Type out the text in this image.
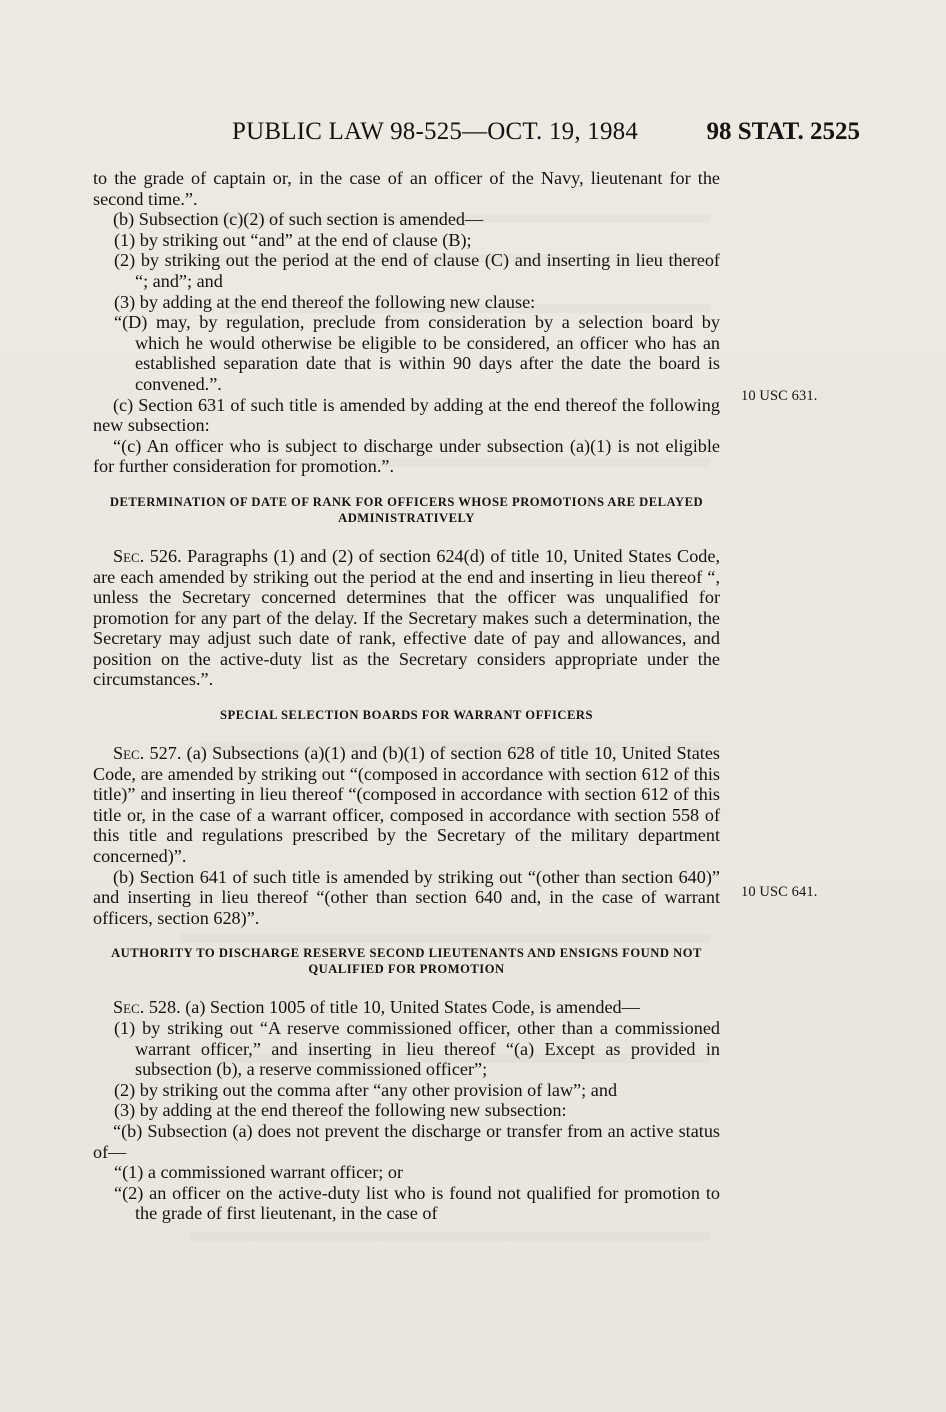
PUBLIC LAW 98-525—OCT. 19, 1984	98 STAT. 2525
10 USC 631.
10 USC 641.

to the grade of captain or, in the case of an officer of the Navy, lieutenant for the second time.”.

(b) Subsection (c)(2) of such section is amended—

(1) by striking out “and” at the end of clause (B);

(2) by striking out the period at the end of clause (C) and inserting in lieu thereof “; and”; and

(3) by adding at the end thereof the following new clause:

“(D) may, by regulation, preclude from consideration by a selection board by which he would otherwise be eligible to be considered, an officer who has an established separation date that is within 90 days after the date the board is convened.”.

(c) Section 631 of such title is amended by adding at the end thereof the following new subsection:

“(c) An officer who is subject to discharge under subsection (a)(1) is not eligible for further consideration for promotion.”.

DETERMINATION OF DATE OF RANK FOR OFFICERS WHOSE PROMOTIONS ARE DELAYED ADMINISTRATIVELY

Sec. 526. Paragraphs (1) and (2) of section 624(d) of title 10, United States Code, are each amended by striking out the period at the end and inserting in lieu thereof “, unless the Secretary concerned determines that the officer was unqualified for promotion for any part of the delay. If the Secretary makes such a determination, the Secretary may adjust such date of rank, effective date of pay and allowances, and position on the active-duty list as the Secretary considers appropriate under the circumstances.”.

SPECIAL SELECTION BOARDS FOR WARRANT OFFICERS

Sec. 527. (a) Subsections (a)(1) and (b)(1) of section 628 of title 10, United States Code, are amended by striking out “(composed in accordance with section 612 of this title)” and inserting in lieu thereof “(composed in accordance with section 612 of this title or, in the case of a warrant officer, composed in accordance with section 558 of this title and regulations prescribed by the Secretary of the military department concerned)”.

(b) Section 641 of such title is amended by striking out “(other than section 640)” and inserting in lieu thereof “(other than section 640 and, in the case of warrant officers, section 628)”.

AUTHORITY TO DISCHARGE RESERVE SECOND LIEUTENANTS AND ENSIGNS FOUND NOT QUALIFIED FOR PROMOTION

Sec. 528. (a) Section 1005 of title 10, United States Code, is amended—

(1) by striking out “A reserve commissioned officer, other than a commissioned warrant officer,” and inserting in lieu thereof “(a) Except as provided in subsection (b), a reserve commissioned officer”;

(2) by striking out the comma after “any other provision of law”; and

(3) by adding at the end thereof the following new subsection:

“(b) Subsection (a) does not prevent the discharge or transfer from an active status of—

“(1) a commissioned warrant officer; or

“(2) an officer on the active-duty list who is found not qualified for promotion to the grade of first lieutenant, in the case of
